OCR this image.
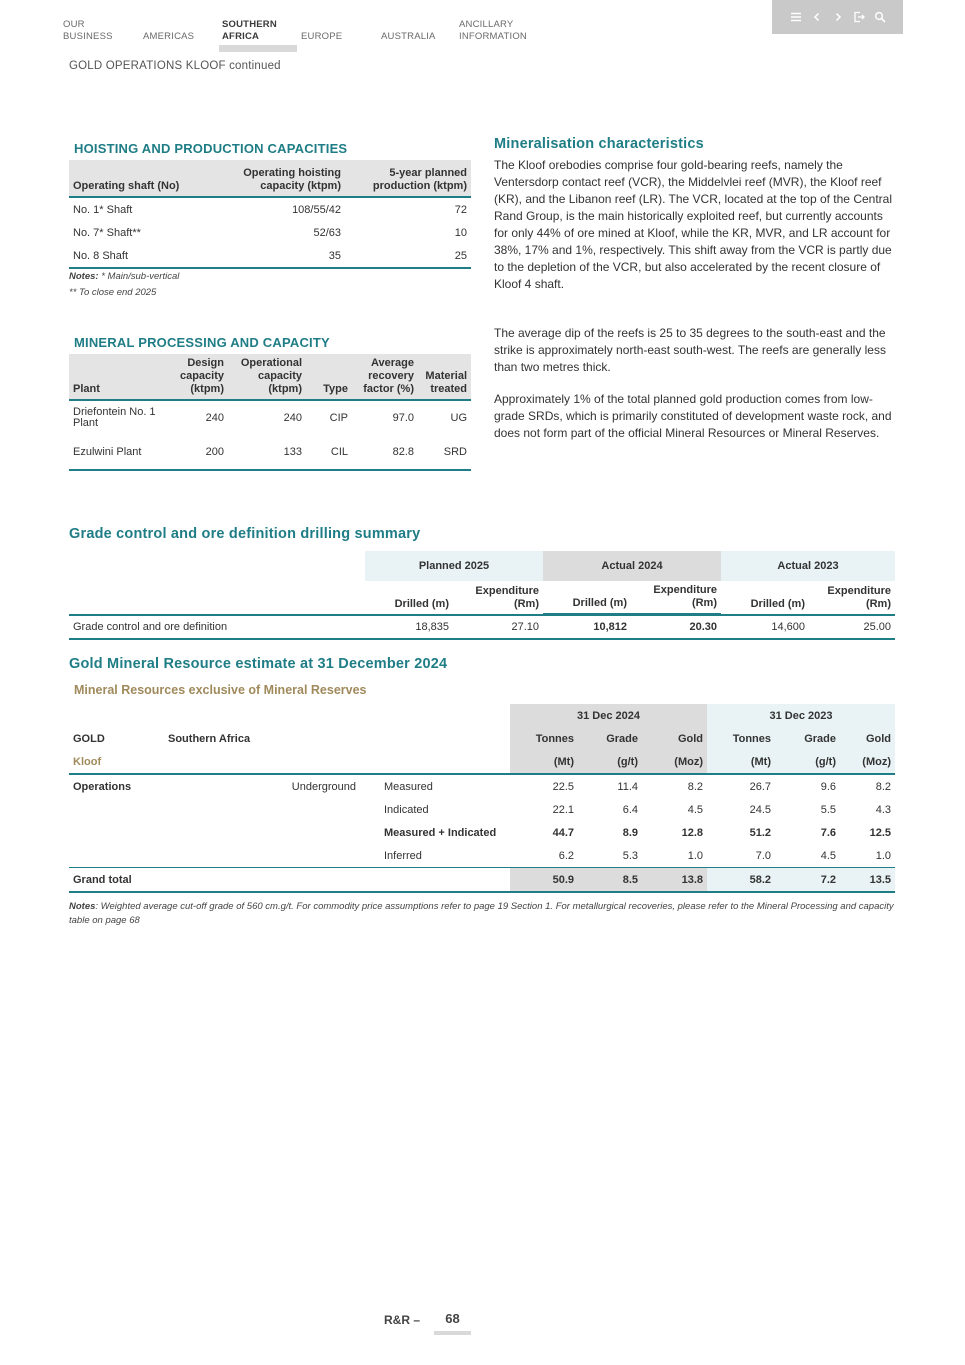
OUR
BUSINESS	AMERICAS
SOUTHERN
AFRICA	EUROPE	AUSTRALIA
ANCILLARY
INFORMATION
GOLD OPERATIONS KLOOF continued
HOISTING AND PRODUCTION CAPACITIES
Operating shaft (No)	Operating hoisting capacity (ktpm)	5-year planned production (ktpm)
No. 1* Shaft	108/55/42	72
No. 7* Shaft**	52/63	10
No. 8 Shaft	35	25
Notes: * Main/sub-vertical
** To close end 2025
MINERAL PROCESSING AND CAPACITY
Plant	Design capacity (ktpm)	Operational capacity (ktpm)	Type	Average recovery factor (%)	Material treated
Driefontein No. 1 Plant	240	240	CIP	97.0	UG
Ezulwini Plant	200	133	CIL	82.8	SRD
Mineralisation characteristics
The Kloof orebodies comprise four gold-bearing reefs, namely the Ventersdorp contact reef (VCR), the Middelvlei reef (MVR), the Kloof reef (KR), and the Libanon reef (LR). The VCR, located at the top of the Central Rand Group, is the main historically exploited reef, but currently accounts for only 44% of ore mined at Kloof, while the KR, MVR, and LR account for 38%, 17% and 1%, respectively. This shift away from the VCR is partly due to the depletion of the VCR, but also accelerated by the recent closure of Kloof 4 shaft.
The average dip of the reefs is 25 to 35 degrees to the south-east and the strike is approximately north-east south-west. The reefs are generally less than two metres thick.
Approximately 1% of the total planned gold production comes from low-grade SRDs, which is primarily constituted of development waste rock, and does not form part of the official Mineral Resources or Mineral Reserves.
Grade control and ore definition drilling summary
	Planned 2025		Actual 2024		Actual 2023	
	Drilled (m)	Expenditure (Rm)	Drilled (m)	Expenditure (Rm)	Drilled (m)	Expenditure (Rm)
Grade control and ore definition	18,835	27.10	10,812	20.30	14,600	25.00
Gold Mineral Resource estimate at 31 December 2024
Mineral Resources exclusive of Mineral Reserves
				31 Dec 2024			31 Dec 2023		
GOLD	Southern Africa			Tonnes	Grade	Gold	Tonnes	Grade	Gold
Kloof				(Mt)	(g/t)	(Moz)	(Mt)	(g/t)	(Moz)
Operations	Underground		Measured	22.5	11.4	8.2	26.7	9.6	8.2
			Indicated	22.1	6.4	4.5	24.5	5.5	4.3
			Measured + Indicated	44.7	8.9	12.8	51.2	7.6	12.5
			Inferred	6.2	5.3	1.0	7.0	4.5	1.0
Grand total				50.9	8.5	13.8	58.2	7.2	13.5
Notes: Weighted average cut-off grade of 560 cm.g/t. For commodity price assumptions refer to page 19 Section 1. For metallurgical recoveries, please refer to the Mineral Processing and capacity table on page 68
R&R –	68
